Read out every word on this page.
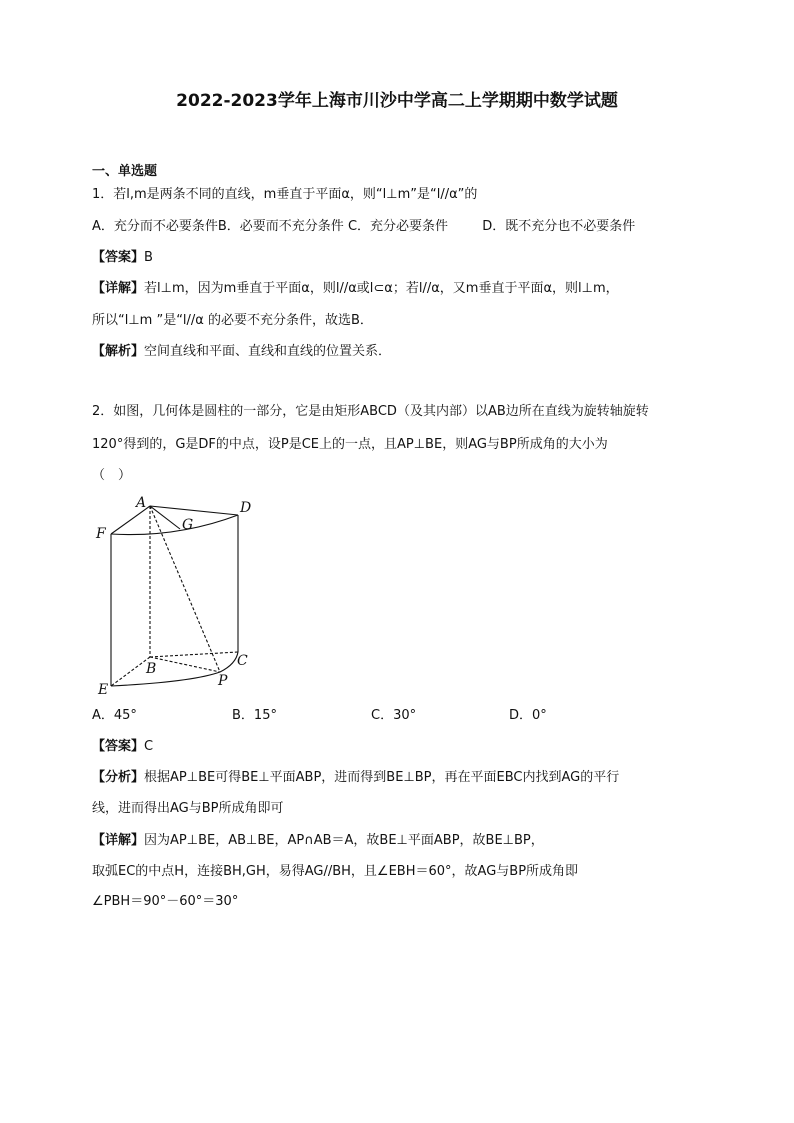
2022-2023学年上海市川沙中学高二上学期期中数学试题
一、单选题
1．若l,m是两条不同的直线，m垂直于平面α，则“l⊥m”是“l//α”的
A．充分而不必要条件B．必要而不充分条件 C．充分必要条件 　　 D．既不充分也不必要条件
【答案】B
【详解】若l⊥m，因为m垂直于平面α，则l//α或l⊂α；若l//α，又m垂直于平面α，则l⊥m，
所以“l⊥m ”是“l//α 的必要不充分条件，故选B．
【解析】空间直线和平面、直线和直线的位置关系．
2．如图，几何体是圆柱的一部分，它是由矩形ABCD（及其内部）以AB边所在直线为旋转轴旋转
120°得到的，G是DF的中点，设P是CE上的一点，且AP⊥BE，则AG与BP所成角的大小为
（　）
A	D
F
G
B	C
E
P
A．45°	B．15°	C．30°	D．0°
【答案】C
【分析】根据AP⊥BE可得BE⊥平面ABP，进而得到BE⊥BP，再在平面EBC内找到AG的平行
线，进而得出AG与BP所成角即可
【详解】因为AP⊥BE，AB⊥BE，AP∩AB＝A，故BE⊥平面ABP，故BE⊥BP，
取弧EC的中点H，连接BH,GH，易得AG//BH，且∠EBH＝60°，故AG与BP所成角即
∠PBH＝90°－60°＝30°
